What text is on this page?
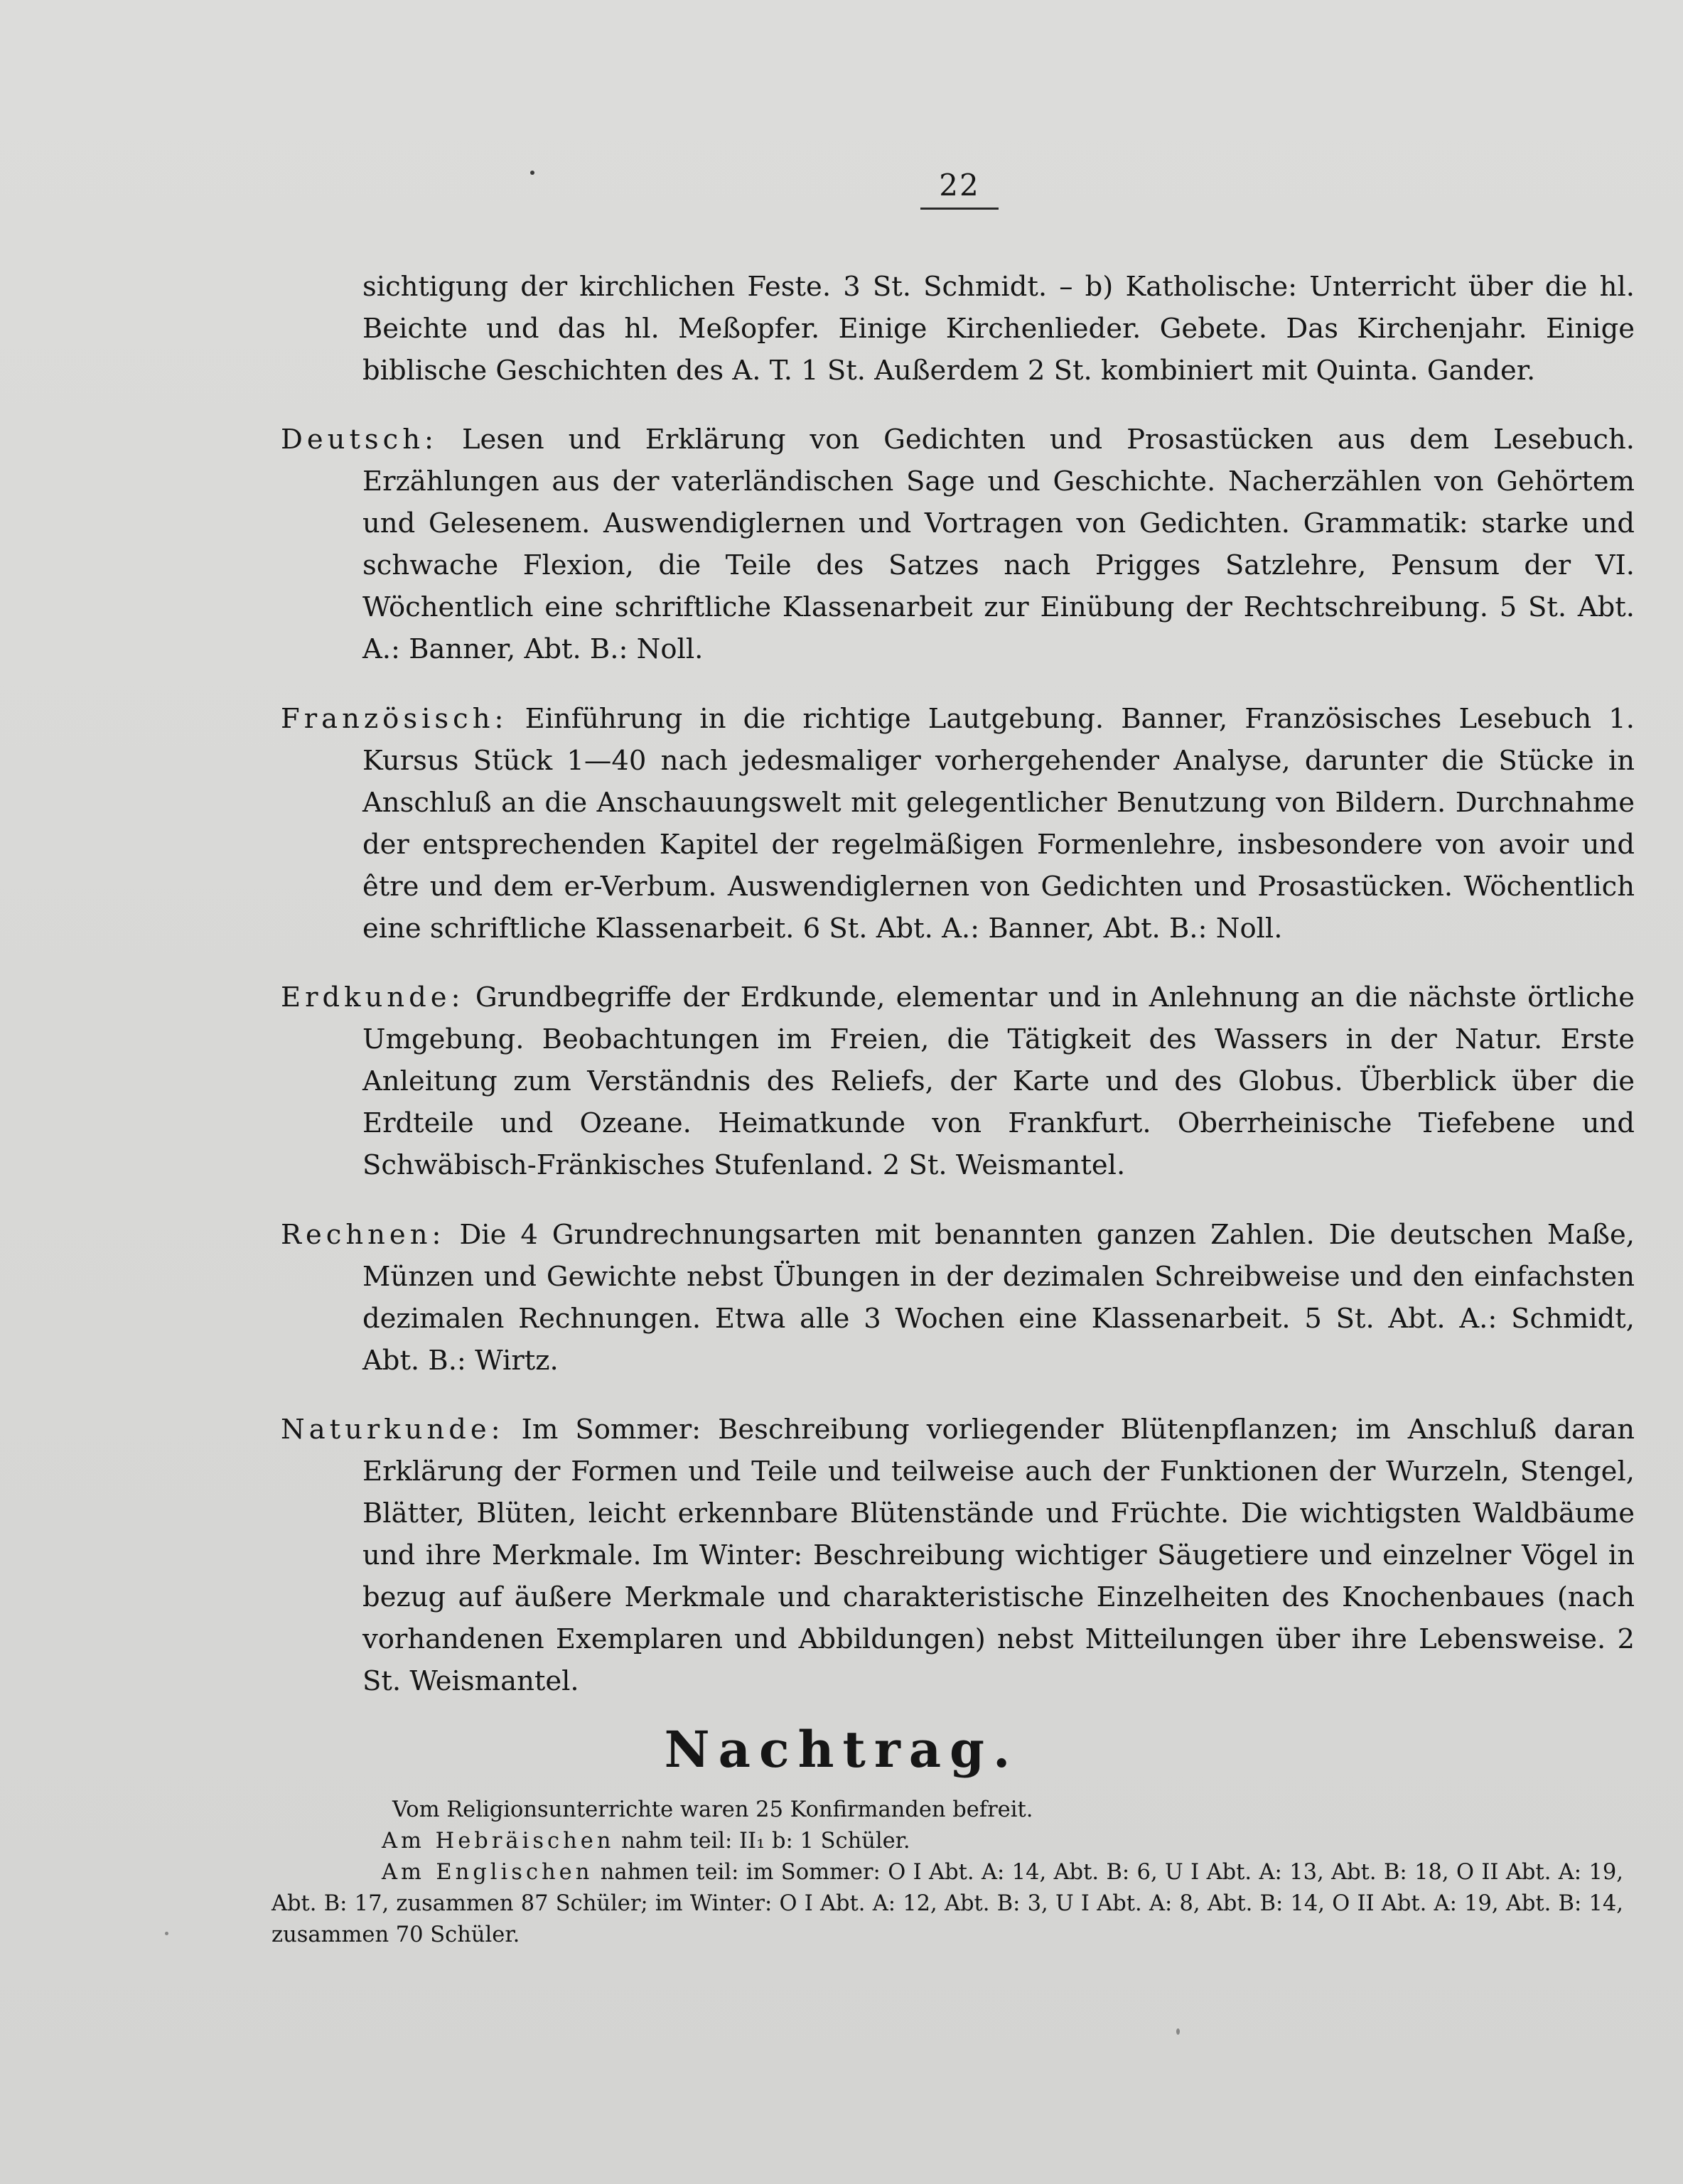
22

sichtigung der kirchlichen Feste. 3 St. Schmidt. – b) Katholische: Unterricht über die hl. Beichte und das hl. Meßopfer. Einige Kirchenlieder. Gebete. Das Kirchenjahr. Einige biblische Geschichten des A. T. 1 St. Außerdem 2 St. kombiniert mit Quinta. Gander.

Deutsch: Lesen und Erklärung von Gedichten und Prosastücken aus dem Lesebuch. Erzählungen aus der vaterländischen Sage und Geschichte. Nacherzählen von Gehörtem und Gelesenem. Auswendiglernen und Vortragen von Gedichten. Grammatik: starke und schwache Flexion, die Teile des Satzes nach Prigges Satzlehre, Pensum der VI. Wöchentlich eine schriftliche Klassenarbeit zur Einübung der Rechtschreibung. 5 St. Abt. A.: Banner, Abt. B.: Noll.

Französisch: Einführung in die richtige Lautgebung. Banner, Französisches Lesebuch 1. Kursus Stück 1—40 nach jedesmaliger vorhergehender Analyse, darunter die Stücke in Anschluß an die Anschauungswelt mit gelegentlicher Benutzung von Bildern. Durchnahme der entsprechenden Kapitel der regelmäßigen Formenlehre, insbesondere von avoir und être und dem er-Verbum. Auswendiglernen von Gedichten und Prosastücken. Wöchentlich eine schriftliche Klassenarbeit. 6 St. Abt. A.: Banner, Abt. B.: Noll.

Erdkunde: Grundbegriffe der Erdkunde, elementar und in Anlehnung an die nächste örtliche Umgebung. Beobachtungen im Freien, die Tätigkeit des Wassers in der Natur. Erste Anleitung zum Verständnis des Reliefs, der Karte und des Globus. Überblick über die Erdteile und Ozeane. Heimatkunde von Frankfurt. Oberrheinische Tiefebene und Schwäbisch-Fränkisches Stufenland. 2 St. Weismantel.

Rechnen: Die 4 Grundrechnungsarten mit benannten ganzen Zahlen. Die deutschen Maße, Münzen und Gewichte nebst Übungen in der dezimalen Schreibweise und den einfachsten dezimalen Rechnungen. Etwa alle 3 Wochen eine Klassenarbeit. 5 St. Abt. A.: Schmidt, Abt. B.: Wirtz.

Naturkunde: Im Sommer: Beschreibung vorliegender Blütenpflanzen; im Anschluß daran Erklärung der Formen und Teile und teilweise auch der Funktionen der Wurzeln, Stengel, Blätter, Blüten, leicht erkennbare Blütenstände und Früchte. Die wichtigsten Waldbäume und ihre Merkmale. Im Winter: Beschreibung wichtiger Säugetiere und einzelner Vögel in bezug auf äußere Merkmale und charakteristische Einzelheiten des Knochenbaues (nach vorhandenen Exemplaren und Abbildungen) nebst Mitteilungen über ihre Lebensweise. 2 St. Weismantel.

Nachtrag.
Vom Religionsunterrichte waren 25 Konfirmanden befreit.
Am Hebräischen nahm teil: II₁ b: 1 Schüler.
Am Englischen nahmen teil: im Sommer: O I Abt. A: 14, Abt. B: 6, U I Abt. A: 13, Abt. B: 18, O II Abt. A: 19, Abt. B: 17, zusammen 87 Schüler; im Winter: O I Abt. A: 12, Abt. B: 3, U I Abt. A: 8, Abt. B: 14, O II Abt. A: 19, Abt. B: 14, zusammen 70 Schüler.
